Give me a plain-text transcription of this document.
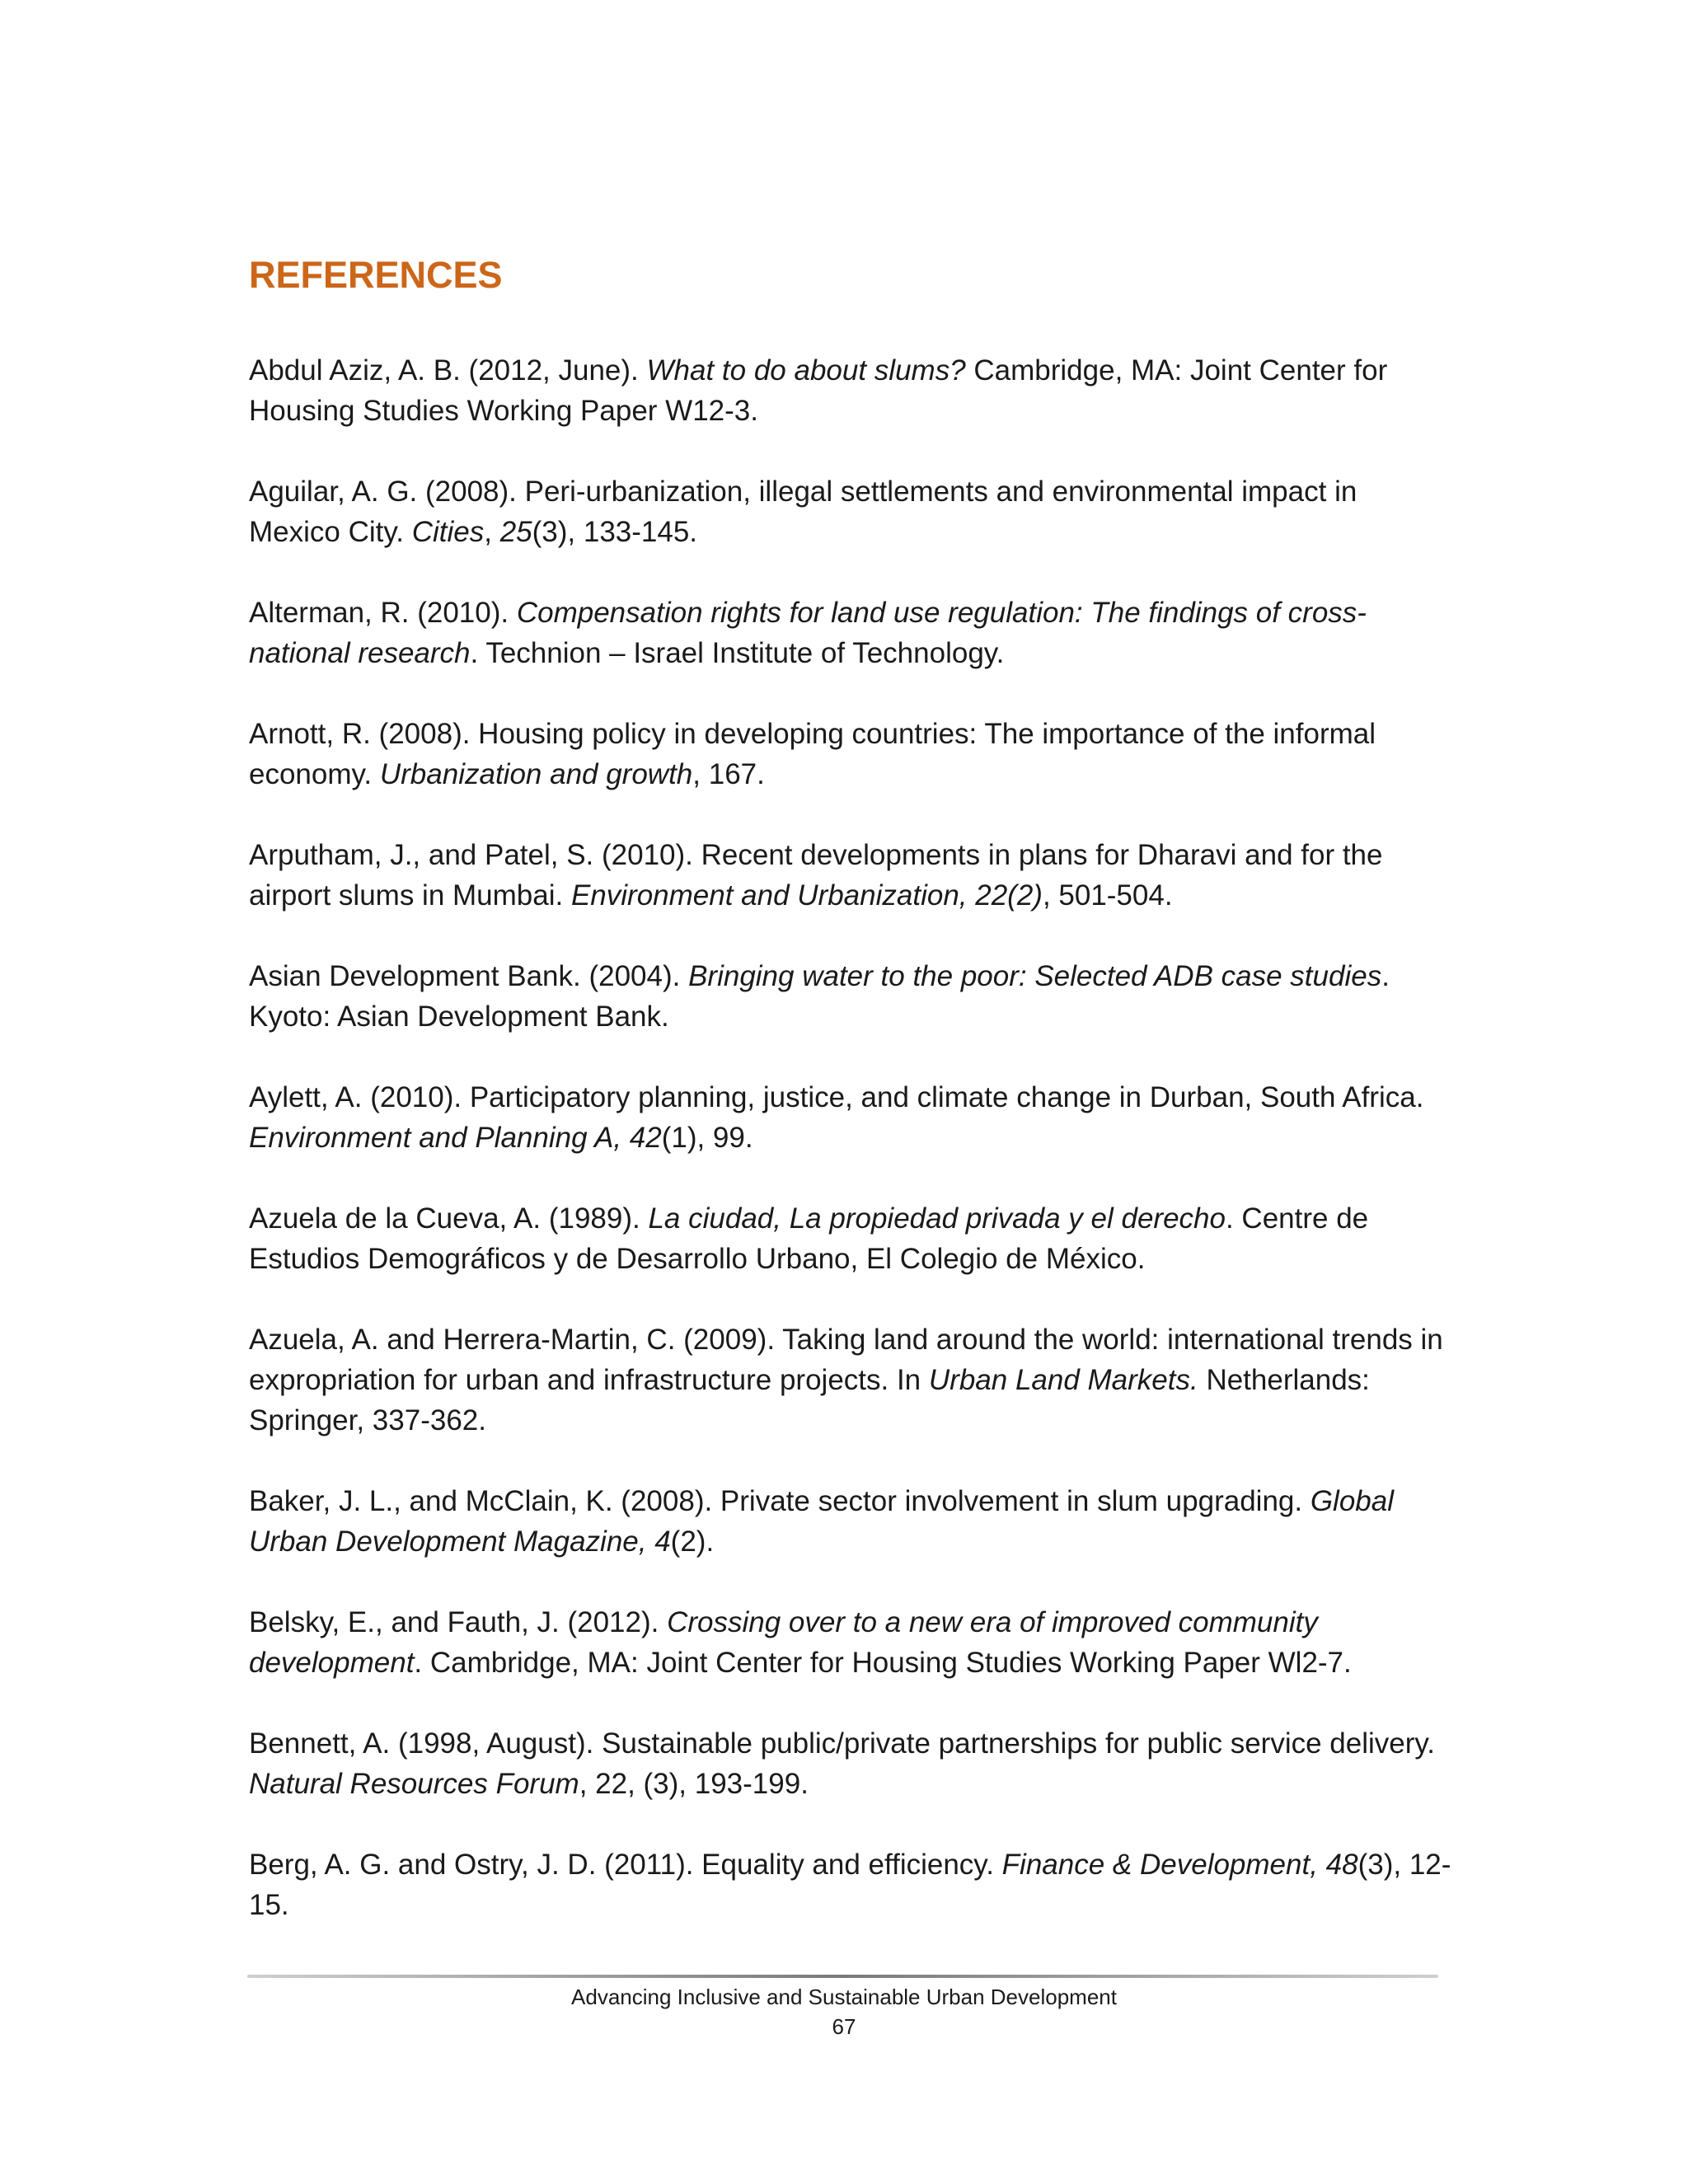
REFERENCES
Abdul Aziz, A. B. (2012, June). What to do about slums? Cambridge, MA: Joint Center for Housing Studies Working Paper W12-3.
Aguilar, A. G. (2008). Peri-urbanization, illegal settlements and environmental impact in Mexico City. Cities, 25(3), 133-145.
Alterman, R. (2010). Compensation rights for land use regulation: The findings of cross-national research. Technion – Israel Institute of Technology.
Arnott, R. (2008). Housing policy in developing countries: The importance of the informal economy. Urbanization and growth, 167.
Arputham, J., and Patel, S. (2010). Recent developments in plans for Dharavi and for the airport slums in Mumbai. Environment and Urbanization, 22(2), 501-504.
Asian Development Bank. (2004). Bringing water to the poor: Selected ADB case studies. Kyoto: Asian Development Bank.
Aylett, A. (2010). Participatory planning, justice, and climate change in Durban, South Africa. Environment and Planning A, 42(1), 99.
Azuela de la Cueva, A. (1989). La ciudad, La propiedad privada y el derecho. Centre de Estudios Demográficos y de Desarrollo Urbano, El Colegio de México.
Azuela, A. and Herrera-Martin, C. (2009). Taking land around the world: international trends in expropriation for urban and infrastructure projects. In Urban Land Markets. Netherlands: Springer, 337-362.
Baker, J. L., and McClain, K. (2008). Private sector involvement in slum upgrading. Global Urban Development Magazine, 4(2).
Belsky, E., and Fauth, J. (2012). Crossing over to a new era of improved community development. Cambridge, MA: Joint Center for Housing Studies Working Paper Wl2-7.
Bennett, A. (1998, August). Sustainable public/private partnerships for public service delivery. Natural Resources Forum, 22, (3), 193-199.
Berg, A. G. and Ostry, J. D. (2011). Equality and efficiency. Finance & Development, 48(3), 12-15.
Advancing Inclusive and Sustainable Urban Development
67
